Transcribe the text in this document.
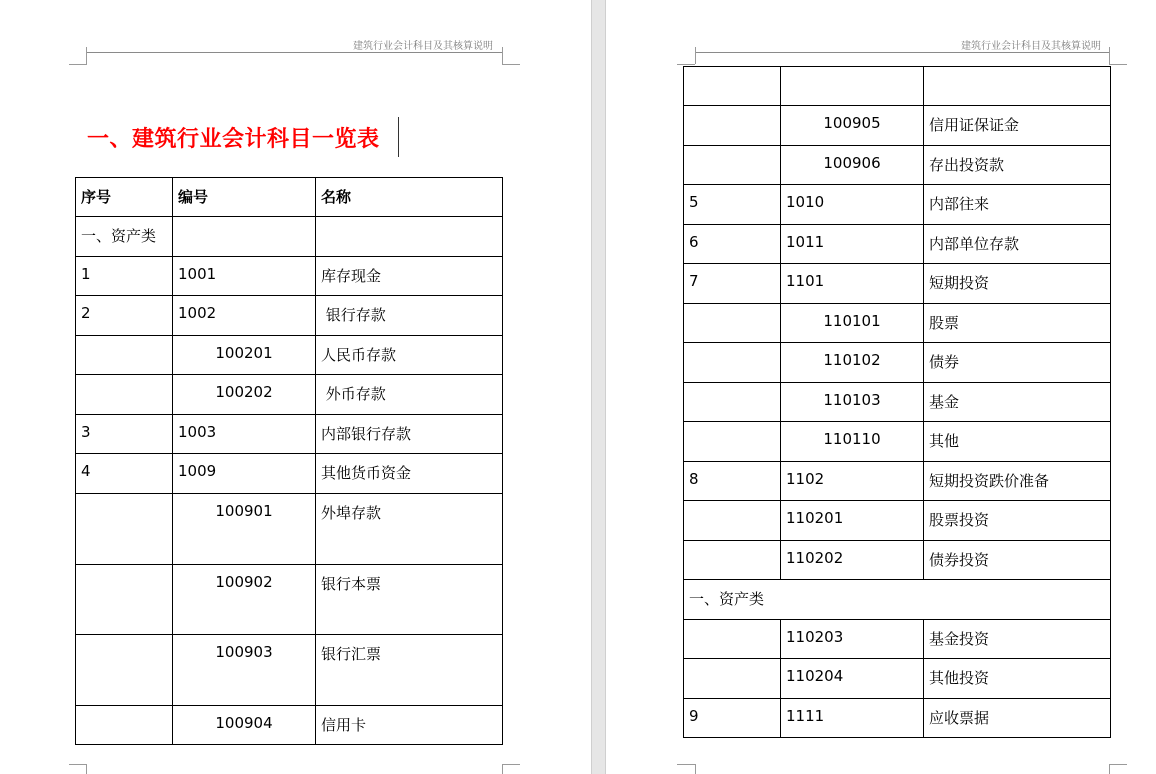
建筑行业会计科目及其核算说明
一、建筑行业会计科目一览表
序号	编号	名称
一、资产类		
1	1001	库存现金
2	1002	银行存款
	100201	人民币存款
	100202	外币存款
3	1003	内部银行存款
4	1009	其他货币资金
	100901	外埠存款
	100902	银行本票
	100903	银行汇票
	100904	信用卡
建筑行业会计科目及其核算说明

	100905	信用证保证金
	100906	存出投资款
5	1010	内部往来
6	1011	内部单位存款
7	1101	短期投资
	110101	股票
	110102	债券
	110103	基金
	110110	其他
8	1102	短期投资跌价准备
	110201	股票投资
	110202	债券投资
一、资产类		
	110203	基金投资
	110204	其他投资
9	1111	应收票据
